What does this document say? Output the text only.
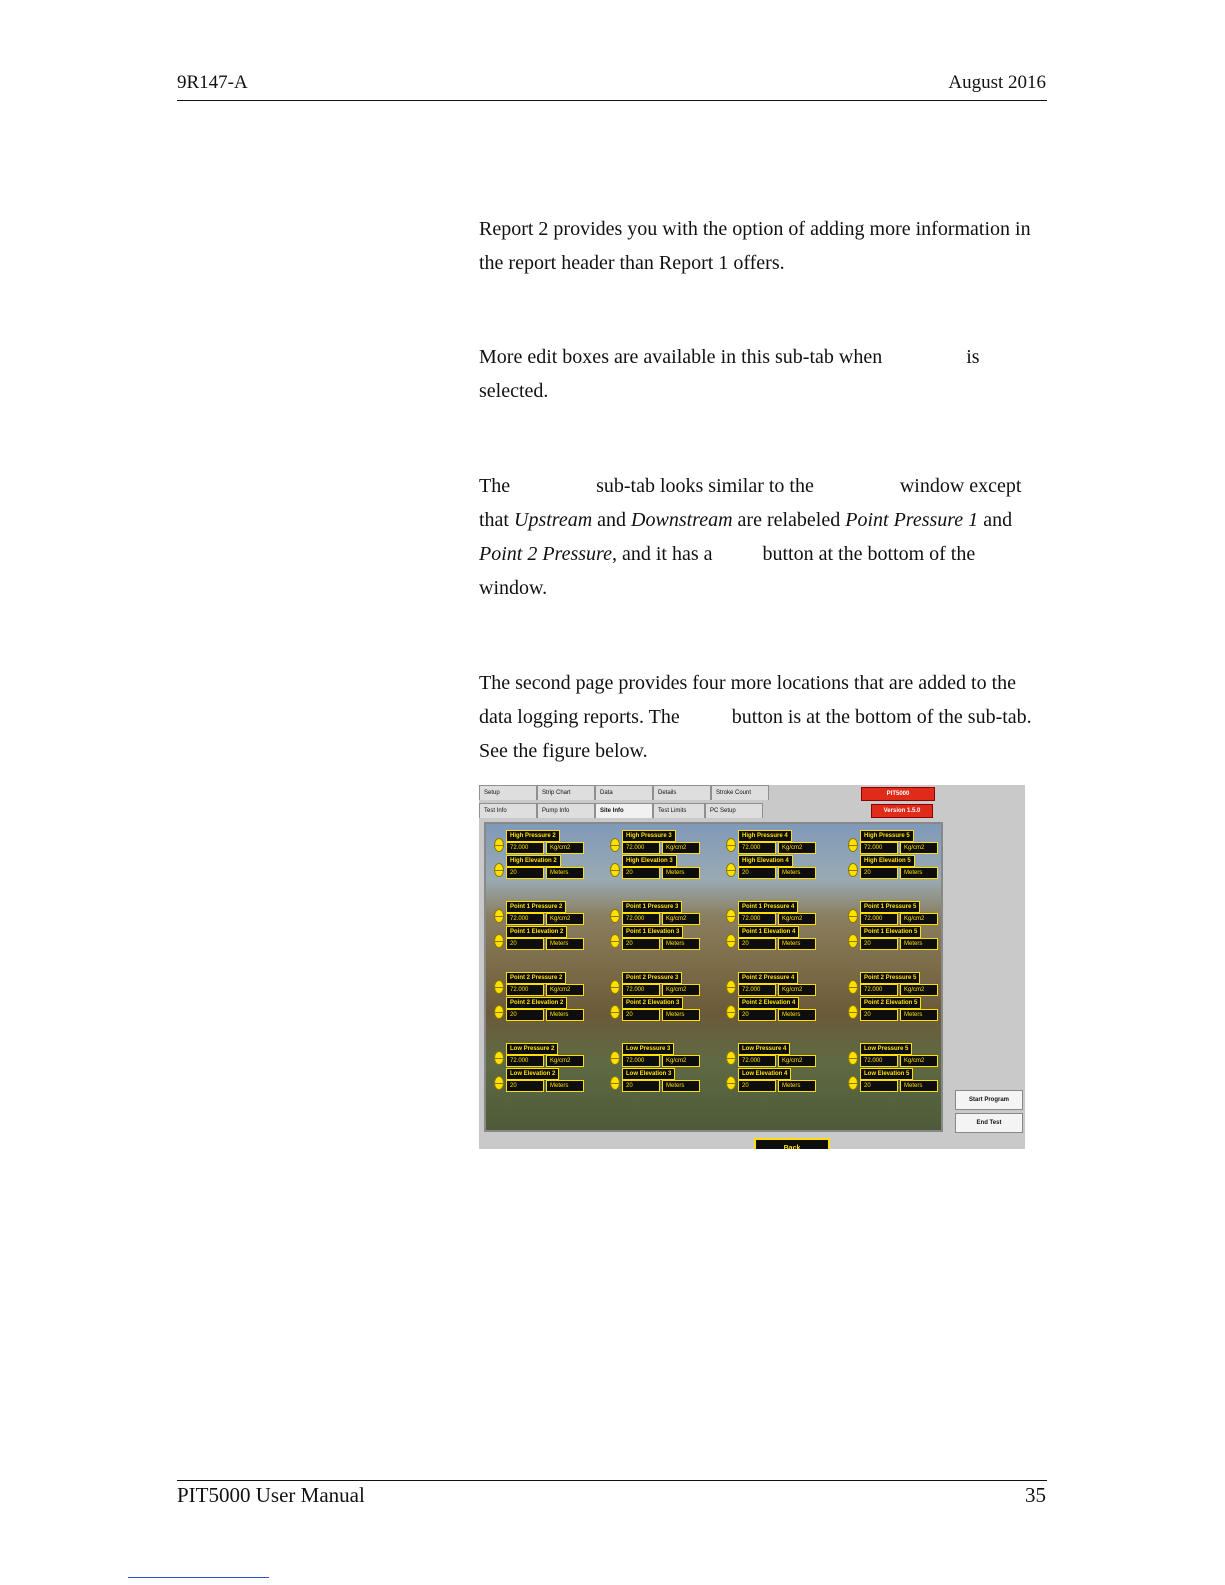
9R147-A	August 2016

Report 2 provides you with the option of adding more information in the report header than Report 1 offers.

More edit boxes are available in this sub-tab when	is selected.

The	sub-tab looks similar to the	window except that Upstream and Downstream are relabeled Point Pressure 1 and Point 2 Pressure, and it has a	button at the bottom of the window.

The second page provides four more locations that are added to the data logging reports. The	button is at the bottom of the sub-tab. See the figure below.

Setup	Strip Chart	Data	Details	Stroke Count
Test Info	Pump Info	Site Info	Test Limits	PC Setup
PIT5000
Version 1.5.0
Back
High Pressure 2
72.000	Kg/cm2
High Elevation 2
20	Meters
High Pressure 3
72.000	Kg/cm2
High Elevation 3
20	Meters
High Pressure 4
72.000	Kg/cm2
High Elevation 4
20	Meters
High Pressure 5
72.000	Kg/cm2
High Elevation 5
20	Meters
Point 1 Pressure 2
72.000	Kg/cm2
Point 1 Elevation 2
20	Meters
Point 1 Pressure 3
72.000	Kg/cm2
Point 1 Elevation 3
20	Meters
Point 1 Pressure 4
72.000	Kg/cm2
Point 1 Elevation 4
20	Meters
Point 1 Pressure 5
72.000	Kg/cm2
Point 1 Elevation 5
20	Meters
Point 2 Pressure 2
72.000	Kg/cm2
Point 2 Elevation 2
20	Meters
Point 2 Pressure 3
72.000	Kg/cm2
Point 2 Elevation 3
20	Meters
Point 2 Pressure 4
72.000	Kg/cm2
Point 2 Elevation 4
20	Meters
Point 2 Pressure 5
72.000	Kg/cm2
Point 2 Elevation 5
20	Meters
Low Pressure 2
72.000	Kg/cm2
Low Elevation 2
20	Meters
Low Pressure 3
72.000	Kg/cm2
Low Elevation 3
20	Meters
Low Pressure 4
72.000	Kg/cm2
Low Elevation 4
20	Meters
Low Pressure 5
72.000	Kg/cm2
Low Elevation 5
20	Meters
Start Program
End Test
PIT5000 User Manual	35
